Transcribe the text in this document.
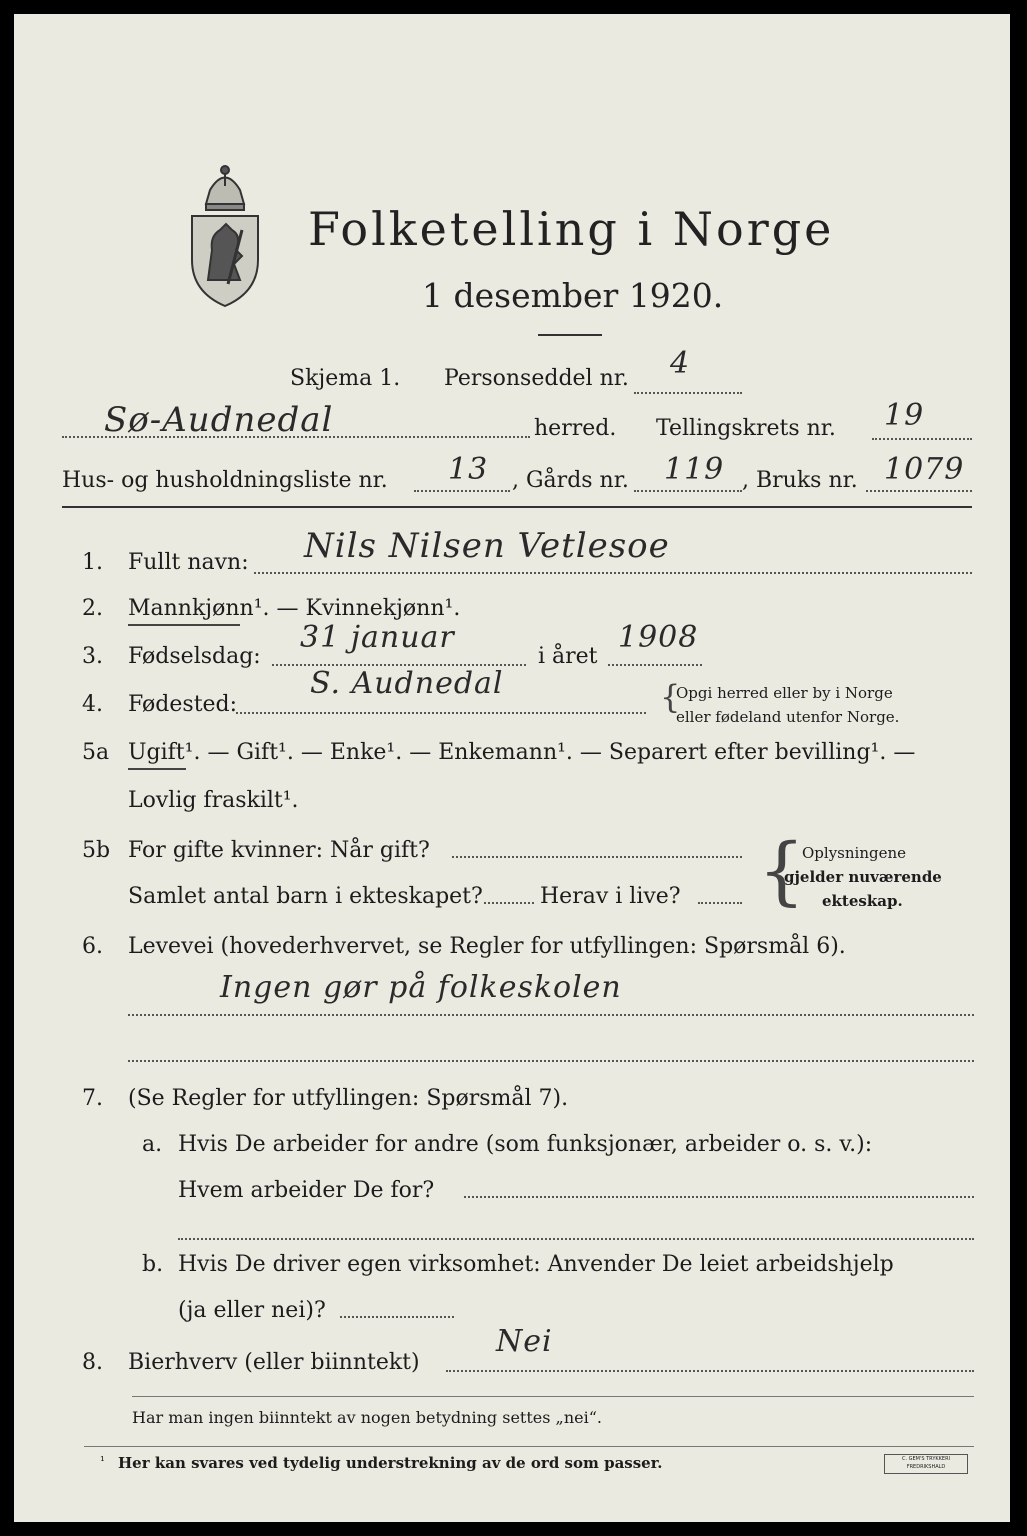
Folketelling i Norge
1 desember 1920.
Skjema 1. Personseddel nr. 4
Sø-Audnedal	herred. Tellingskrets nr. 19
Hus- og husholdningsliste nr. 13 , Gårds nr. 119 , Bruks nr. 1079
1. Fullt navn: Nils Nilsen Vetlesoe
2. Mannkjønn¹. — Kvinnekjønn¹.
3. Fødselsdag:
31 januar
i året
1908
4. Fødested:
S. Audnedal	{
Opgi herred eller by i Norge
eller fødeland utenfor Norge.
5a Ugift¹. — Gift¹. — Enke¹. — Enkemann¹. — Separert efter bevilling¹. —
Lovlig fraskilt¹.
5b For gifte kvinner: Når gift?
Samlet antal barn i ekteskapet?	Herav i live? {
Oplysningene
gjelder nuværende
ekteskap.
6. Levevei (hovederhvervet, se Regler for utfyllingen: Spørsmål 6).
Ingen gør på folkeskolen
7. (Se Regler for utfyllingen: Spørsmål 7).
a. Hvis De arbeider for andre (som funksjonær, arbeider o. s. v.):
Hvem arbeider De for?
b. Hvis De driver egen virksomhet: Anvender De leiet arbeidshjelp
(ja eller nei)?
8. Bierhverv (eller biinntekt)
Nei
Har man ingen biinntekt av nogen betydning settes „nei“.
¹ Her kan svares ved tydelig understrekning av de ord som passer.	C. GEM'S TRYKKERI
FREDRIKSHALD
